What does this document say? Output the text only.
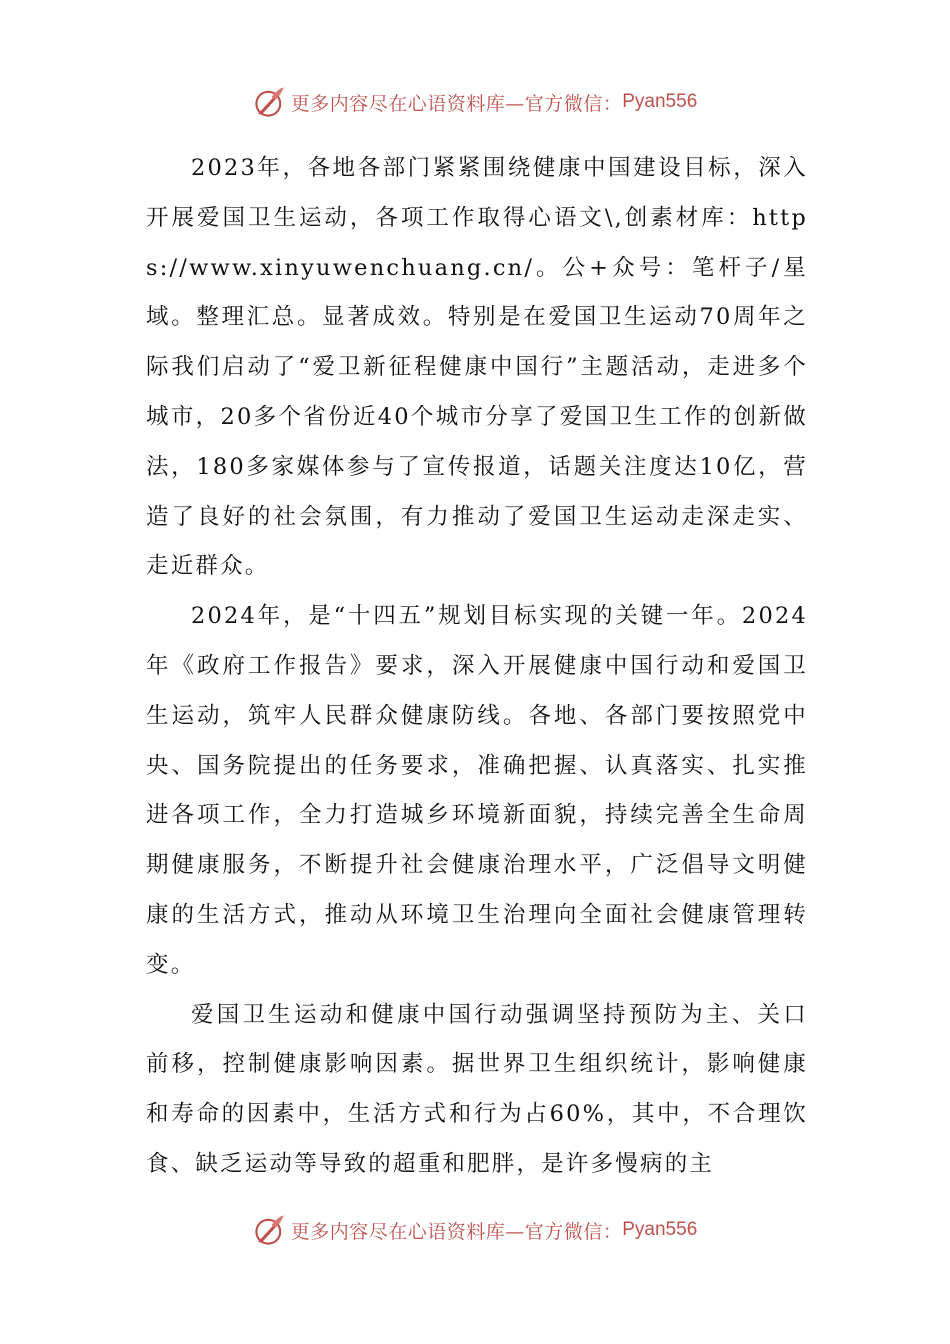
更多内容尽在心语资料库—官方微信： Pyan556

2023年，各地各部门紧紧围绕健康中国建设目标，深入开展爱国卫生运动，各项工作取得心语文\,创素材库：https://www.xinyuwenchuang.cn/。公+众号：笔杆子/星域。整理汇总。显著成效。特别是在爱国卫生运动70周年之际我们启动了“爱卫新征程健康中国行”主题活动，走进多个城市，20多个省份近40个城市分享了爱国卫生工作的创新做法，180多家媒体参与了宣传报道，话题关注度达10亿，营造了良好的社会氛围，有力推动了爱国卫生运动走深走实、走近群众。

2024年，是“十四五”规划目标实现的关键一年。2024年《政府工作报告》要求，深入开展健康中国行动和爱国卫生运动，筑牢人民群众健康防线。各地、各部门要按照党中央、国务院提出的任务要求，准确把握、认真落实、扎实推进各项工作，全力打造城乡环境新面貌，持续完善全生命周期健康服务，不断提升社会健康治理水平，广泛倡导文明健康的生活方式，推动从环境卫生治理向全面社会健康管理转变。

爱国卫生运动和健康中国行动强调坚持预防为主、关口前移，控制健康影响因素。据世界卫生组织统计，影响健康和寿命的因素中，生活方式和行为占60%，其中，不合理饮食、缺乏运动等导致的超重和肥胖，是许多慢病的主

更多内容尽在心语资料库—官方微信： Pyan556
